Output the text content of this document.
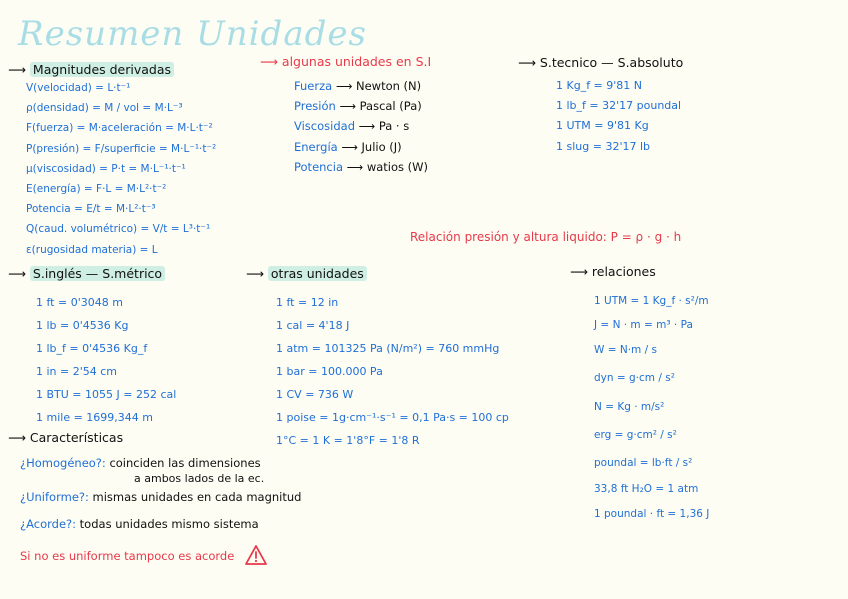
Resumen Unidades
⟶ Magnitudes derivadas
V(velocidad) = L·t⁻¹
ρ(densidad) = M / vol = M·L⁻³
F(fuerza) = M·aceleración = M·L·t⁻²
P(presión) = F/superficie = M·L⁻¹·t⁻²
μ(viscosidad) = P·t = M·L⁻¹·t⁻¹
E(energía) = F·L = M·L²·t⁻²
Potencia = E/t = M·L²·t⁻³
Q(caud. volumétrico) = V/t = L³·t⁻¹
ε(rugosidad materia) = L
⟶ algunas unidades en S.I
Fuerza ⟶ Newton (N)
Presión ⟶ Pascal (Pa)
Viscosidad ⟶ Pa · s
Energía ⟶ Julio (J)
Potencia ⟶ watios (W)
⟶ S.tecnico — S.absoluto
1 Kg_f = 9'81 N
1 lb_f = 32'17 poundal
1 UTM = 9'81 Kg
1 slug = 32'17 lb
Relación presión y altura liquido: P = ρ · g · h
⟶ S.inglés — S.métrico
1 ft = 0'3048 m
1 lb = 0'4536 Kg
1 lb_f = 0'4536 Kg_f
1 in = 2'54 cm
1 BTU = 1055 J = 252 cal
1 mile = 1699,344 m
⟶ otras unidades
1 ft = 12 in
1 cal = 4'18 J
1 atm = 101325 Pa (N/m²) = 760 mmHg
1 bar = 100.000 Pa
1 CV = 736 W
1 poise = 1g·cm⁻¹·s⁻¹ = 0,1 Pa·s = 100 cp
1°C = 1 K = 1'8°F = 1'8 R
⟶ relaciones
1 UTM = 1 Kg_f · s²/m
J = N · m = m³ · Pa
W = N·m / s
dyn = g·cm / s²
N = Kg · m/s²
erg = g·cm² / s²
poundal = lb·ft / s²
33,8 ft H₂O = 1 atm
1 poundal · ft = 1,36 J
⟶ Características
¿Homogéneo?: coinciden las dimensiones
a ambos lados de la ec.
¿Uniforme?: mismas unidades en cada magnitud
¿Acorde?: todas unidades mismo sistema
Si no es uniforme tampoco es acorde
